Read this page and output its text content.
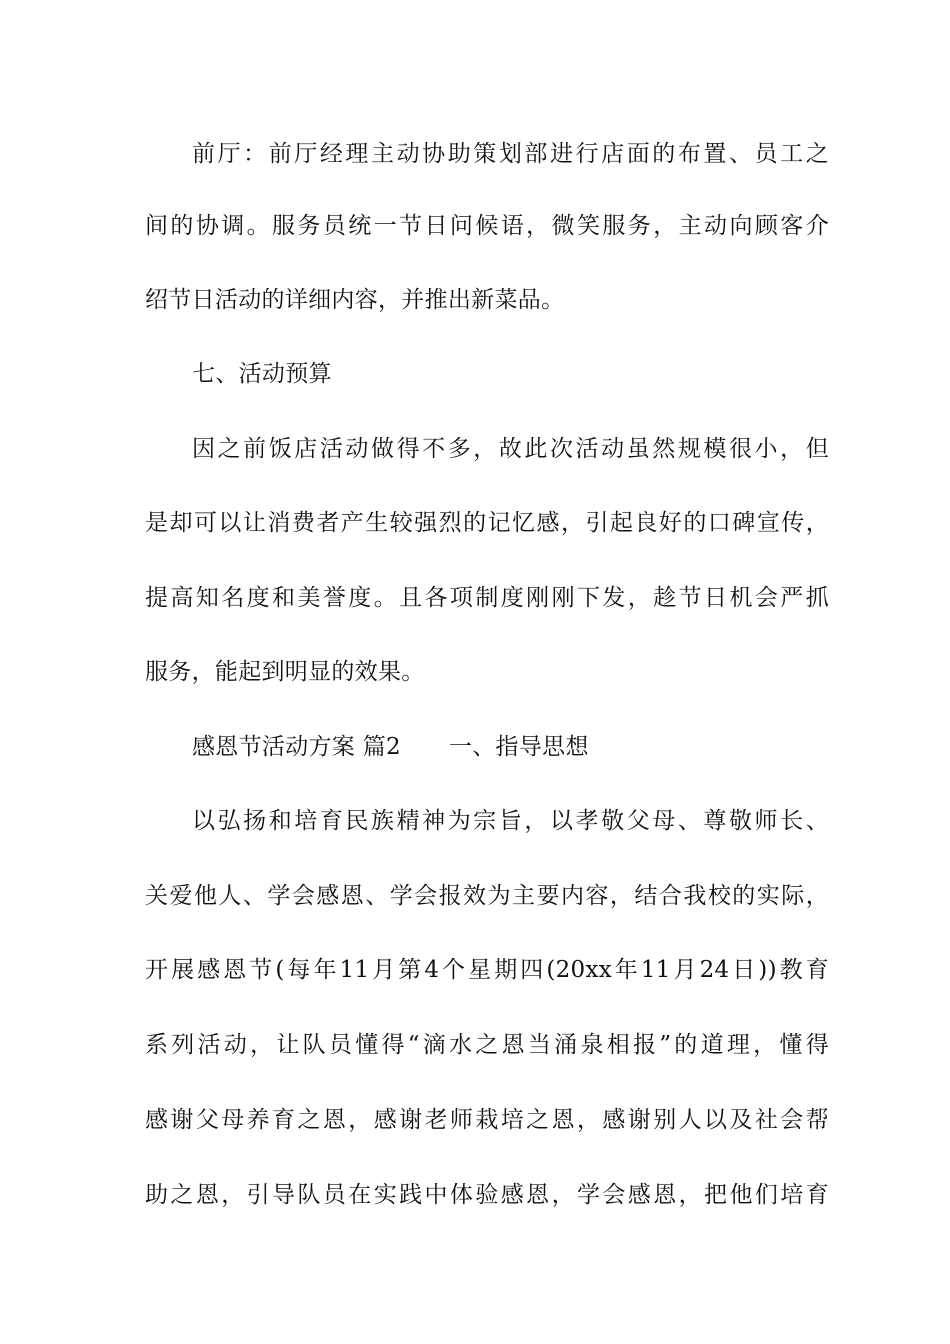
前厅：前厅经理主动协助策划部进行店面的布置、员工之
间的协调。服务员统一节日问候语，微笑服务，主动向顾客介
绍节日活动的详细内容，并推出新菜品。
七、活动预算
因之前饭店活动做得不多，故此次活动虽然规模很小，但
是却可以让消费者产生较强烈的记忆感，引起良好的口碑宣传，
提高知名度和美誉度。且各项制度刚刚下发，趁节日机会严抓
服务，能起到明显的效果。
感恩节活动方案 篇2 一、指导思想
以弘扬和培育民族精神为宗旨，以孝敬父母、尊敬师长、
关爱他人、学会感恩、学会报效为主要内容，结合我校的实际，
开展感恩节(每年11月第4个星期四(20xx年11月24日))教育
系列活动，让队员懂得“滴水之恩当涌泉相报”的道理，懂得
感谢父母养育之恩，感谢老师栽培之恩，感谢别人以及社会帮
助之恩，引导队员在实践中体验感恩，学会感恩，把他们培育
